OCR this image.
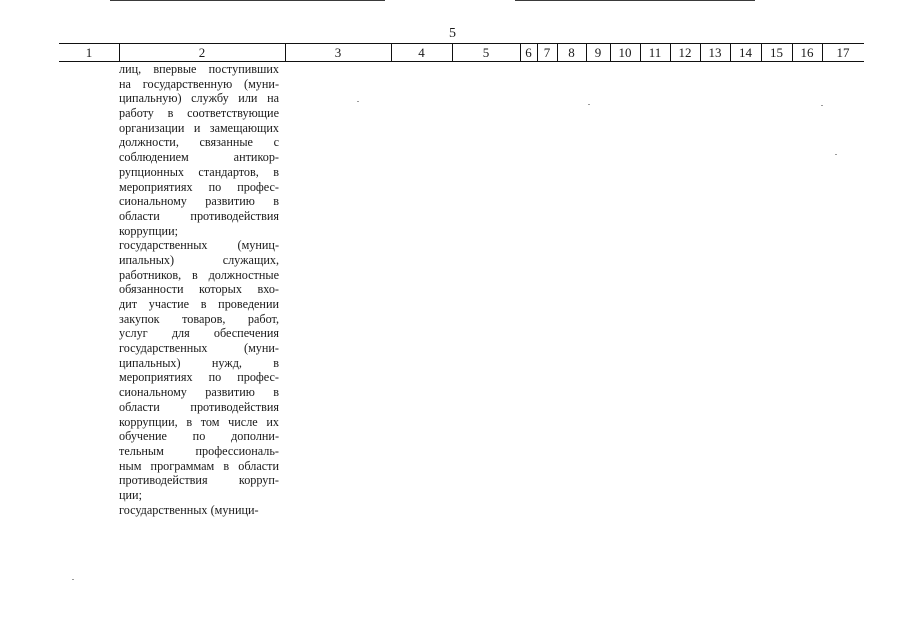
5
1	2	3	4	5	6 7	8	9	10	11	12	13	14	15	16	17
лиц, впервые поступивших
на государственную (муни-
ципальную) службу или на
работу в соответствующие
организации и замещающих
должности, связанные с
соблюдением антикор-
рупционных стандартов, в
мероприятиях по профес-
сиональному развитию в
области противодействия
коррупции;
государственных (муниц-
ипальных) служащих,
работников, в должностные
обязанности которых вхо-
дит участие в проведении
закупок товаров, работ,
услуг для обеспечения
государственных (муни-
ципальных) нужд, в
мероприятиях по профес-
сиональному развитию в
области противодействия
коррупции, в том числе их
обучение по дополни-
тельным профессиональ-
ным программам в области
противодействия корруп-
ции;
государственных (муници-
